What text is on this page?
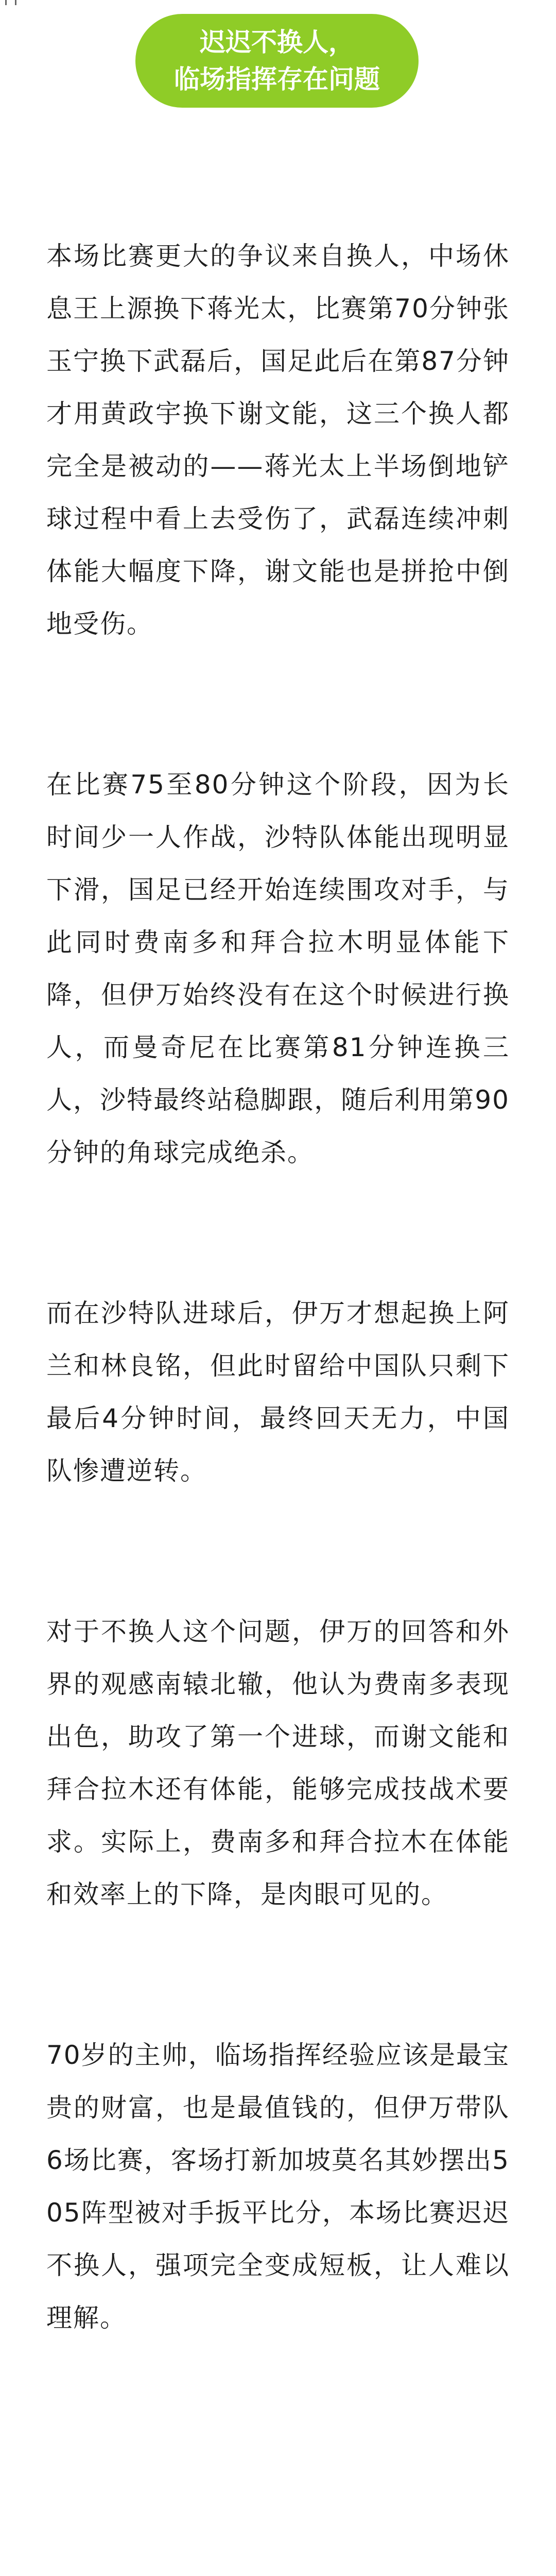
迟迟不换人，
临场指挥存在问题

本场比赛更大的争议来自换人，中场休息王上源换下蒋光太，比赛第70分钟张玉宁换下武磊后，国足此后在第87分钟才用黄政宇换下谢文能，这三个换人都完全是被动的——蒋光太上半场倒地铲球过程中看上去受伤了，武磊连续冲刺体能大幅度下降，谢文能也是拼抢中倒地受伤。

在比赛75至80分钟这个阶段，因为长时间少一人作战，沙特队体能出现明显下滑，国足已经开始连续围攻对手，与此同时费南多和拜合拉木明显体能下降，但伊万始终没有在这个时候进行换人，而曼奇尼在比赛第81分钟连换三人，沙特最终站稳脚跟，随后利用第90分钟的角球完成绝杀。

而在沙特队进球后，伊万才想起换上阿兰和林良铭，但此时留给中国队只剩下最后4分钟时间，最终回天无力，中国队惨遭逆转。

对于不换人这个问题，伊万的回答和外界的观感南辕北辙，他认为费南多表现出色，助攻了第一个进球，而谢文能和拜合拉木还有体能，能够完成技战术要求。实际上，费南多和拜合拉木在体能和效率上的下降，是肉眼可见的。

70岁的主帅，临场指挥经验应该是最宝贵的财富，也是最值钱的，但伊万带队6场比赛，客场打新加坡莫名其妙摆出505阵型被对手扳平比分，本场比赛迟迟不换人，强项完全变成短板，让人难以理解。
